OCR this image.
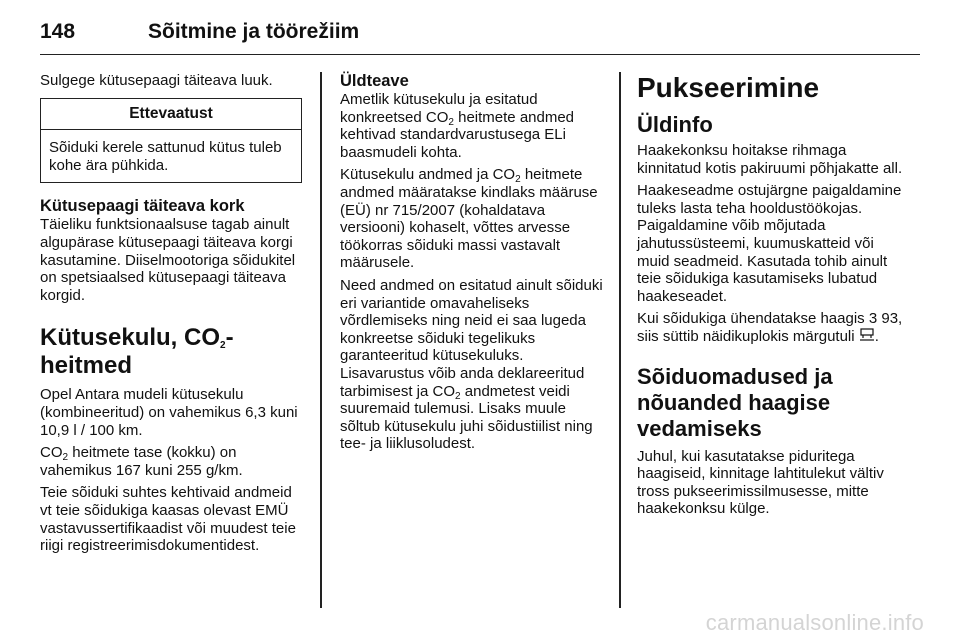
148	Sõitmine ja töörežiim

Sulgege kütusepaagi täiteava luuk.

Ettevaatust
Sõiduki kerele sattunud kütus tuleb kohe ära pühkida.
Kütusepaagi täiteava kork

Täieliku funktsionaalsuse tagab ainult algupärase kütusepaagi täiteava korgi kasutamine. Diiselmootoriga sõidukitel on spetsiaalsed kütusepaagi täiteava korgid.

Kütusekulu, $CO_2$-heitmed

Opel Antara mudeli kütusekulu (kombineeritud) on vahemikus 6,3 kuni 10,9 l / 100 km.

$CO_2$ heitmete tase (kokku) on vahemikus 167 kuni 255 g/km.

Teie sõiduki suhtes kehtivaid andmeid vt teie sõidukiga kaasas olevast EMÜ vastavussertifikaadist või muudest teie riigi registreerimisdokumentidest.

Üldteave

Ametlik kütusekulu ja esitatud konkreetsed $CO_2$ heitmete andmed kehtivad standardvarustusega ELi baasmudeli kohta.

Kütusekulu andmed ja $CO_2$ heitmete andmed määratakse kindlaks määruse (EÜ) nr 715/2007 (kohaldatava versiooni) kohaselt, võttes arvesse töökorras sõiduki massi vastavalt määrusele.

Need andmed on esitatud ainult sõiduki eri variantide omavaheliseks võrdlemiseks ning neid ei saa lugeda konkreetse sõiduki tegelikuks garanteeritud kütusekuluks. Lisavarustus võib anda deklareeritud tarbimisest ja $CO_2$ andmetest veidi suuremaid tulemusi. Lisaks muule sõltub kütusekulu juhi sõidustiilist ning tee- ja liiklusoludest.

Pukseerimine
Üldinfo

Haakekonksu hoitakse rihmaga kinnitatud kotis pakiruumi põhjakatte all.

Haakeseadme ostujärgne paigaldamine tuleks lasta teha hooldustöökojas. Paigaldamine võib mõjutada jahutussüsteemi, kuumuskatteid või muid seadmeid. Kasutada tohib ainult teie sõidukiga kasutamiseks lubatud haakeseadet.

Kui sõidukiga ühendatakse haagis 3 93, siis süttib näidikuplokis märgutuli .

Sõiduomadused ja nõuanded haagise vedamiseks

Juhul, kui kasutatakse piduritega haagiseid, kinnitage lahtitulekut vältiv tross pukseerimissilmusesse, mitte haakekonksu külge.

carmanualsonline.info
